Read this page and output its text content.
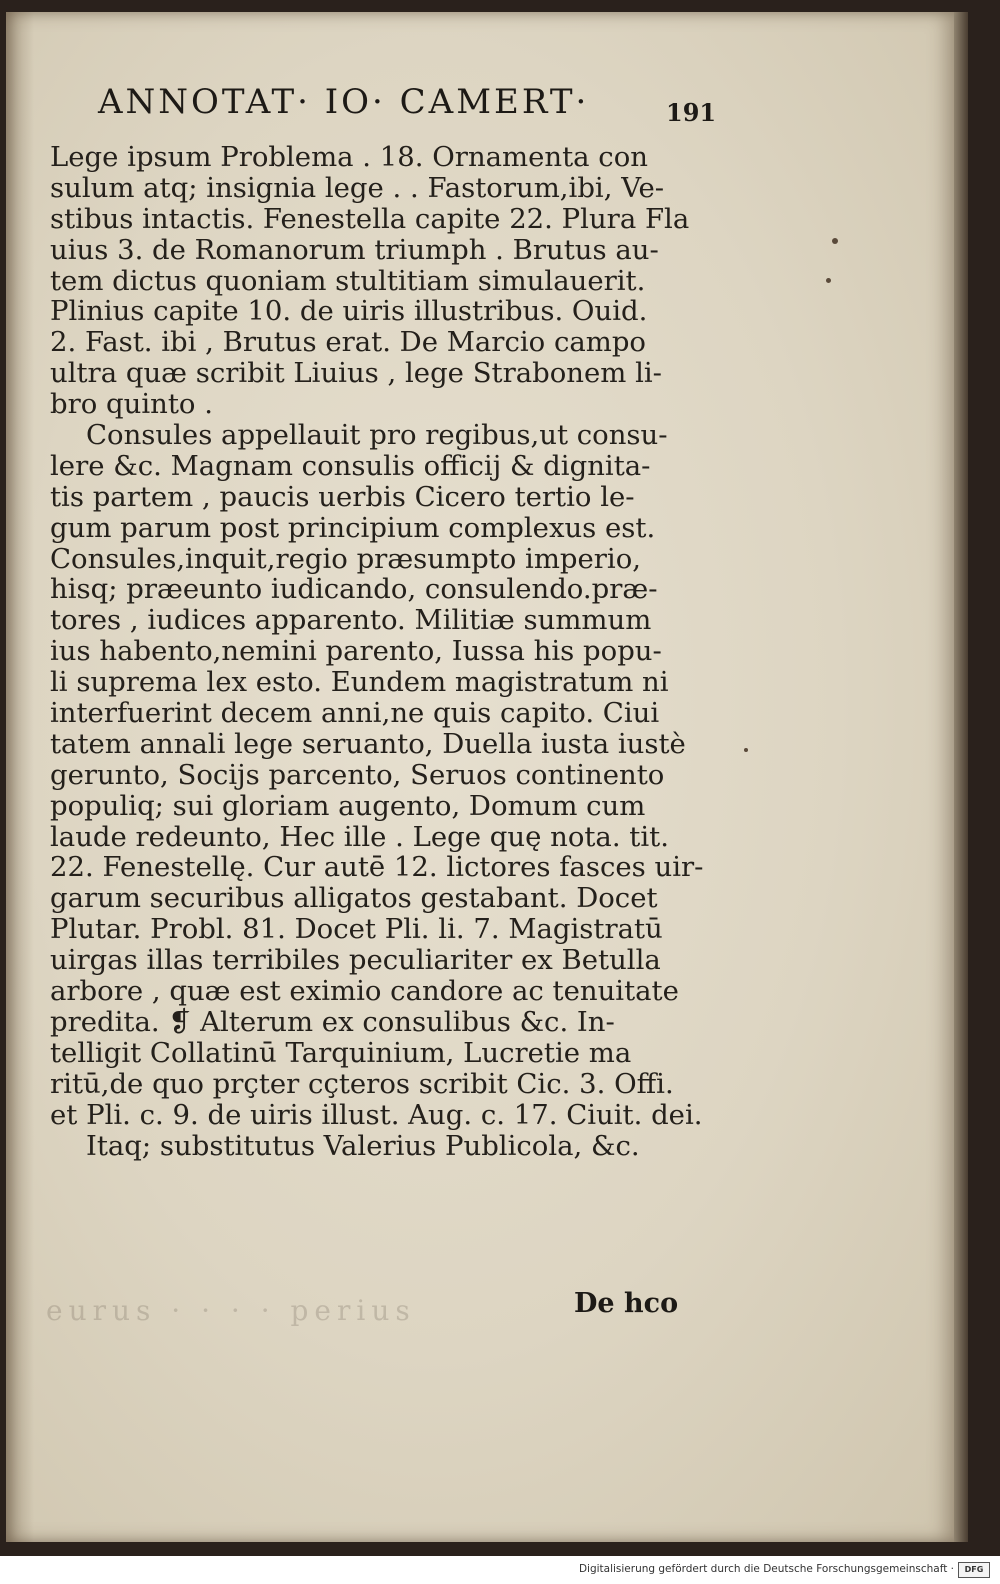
ANNOTAT· IO· CAMERT·	191
Lege ipsum Problema . 18. Ornamenta con
sulum atq; insignia lege . . Fastorum,ibi, Ve-
stibus intactis. Fenestella capite 22. Plura Fla
uius 3. de Romanorum triumph . Brutus au-
tem dictus quoniam stultitiam simulauerit.
Plinius capite 10. de uiris illustribus. Ouid.
2. Fast. ibi , Brutus erat. De Marcio campo
ultra quæ scribit Liuius , lege Strabonem li-
bro quinto .
Consules appellauit pro regibus,ut consu-
lere &c. Magnam consulis officij & dignita-
tis partem , paucis uerbis Cicero tertio le-
gum parum post principium complexus est.
Consules,inquit,regio præsumpto imperio,
hisq; præeunto iudicando, consulendo.præ-
tores , iudices apparento. Militiæ summum
ius habento,nemini parento, Iussa his popu-
li suprema lex esto. Eundem magistratum ni
interfuerint decem anni,ne quis capito. Ciui
tatem annali lege seruanto, Duella iusta iustè
gerunto, Socijs parcento, Seruos continento
populiq; sui gloriam augento, Domum cum
laude redeunto, Hec ille . Lege quę nota. tit.
22. Fenestellę. Cur autē 12. lictores fasces uir-
garum securibus alligatos gestabant. Docet
Plutar. Probl. 81. Docet Pli. li. 7. Magistratū
uirgas illas terribiles peculiariter ex Betulla
arbore , quæ est eximio candore ac tenuitate
predita. ❡ Alterum ex consulibus &c. In-
telligit Collatinū Tarquinium, Lucretie ma
ritū,de quo prçter cçteros scribit Cic. 3. Offi.
et Pli. c. 9. de uiris illust. Aug. c. 17. Ciuit. dei.
Itaq; substitutus Valerius Publicola, &c.
De hco
eurus · · · · perius
Digitalisierung gefördert durch die Deutsche Forschungsgemeinschaft ·	DFG
